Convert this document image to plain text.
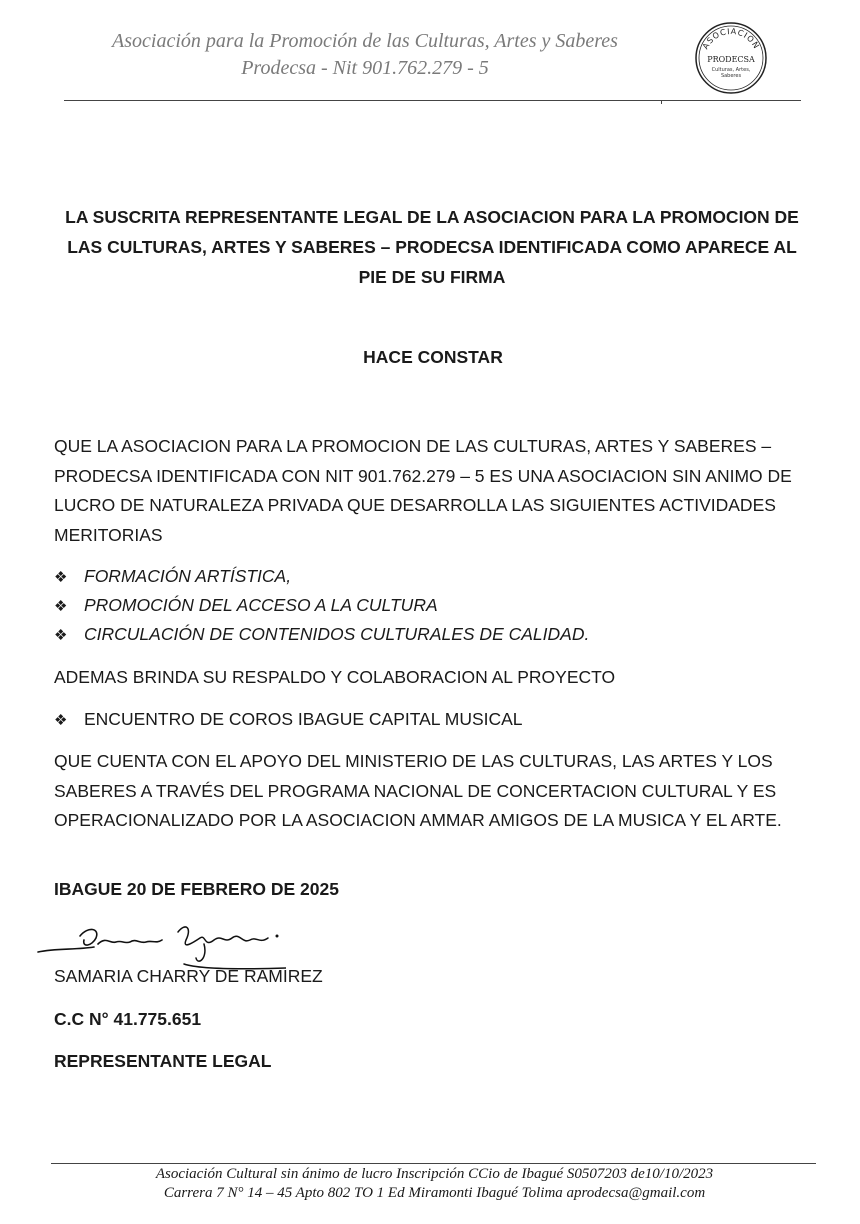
Asociación para la Promoción de las Culturas, Artes y Saberes
Prodecsa - Nit 901.762.279 - 5
ASOCIACION
PRODECSA
Culturas, Artes,
Saberes
LA SUSCRITA REPRESENTANTE LEGAL DE LA ASOCIACION PARA LA PROMOCION DE LAS CULTURAS, ARTES Y SABERES – PRODECSA IDENTIFICADA COMO APARECE AL PIE DE SU FIRMA
HACE CONSTAR
QUE LA ASOCIACION PARA LA PROMOCION DE LAS CULTURAS, ARTES Y SABERES – PRODECSA IDENTIFICADA CON NIT 901.762.279 – 5 ES UNA ASOCIACION SIN ANIMO DE LUCRO DE NATURALEZA PRIVADA QUE DESARROLLA LAS SIGUIENTES ACTIVIDADES MERITORIAS
❖ FORMACIÓN ARTÍSTICA,
❖ PROMOCIÓN DEL ACCESO A LA CULTURA
❖ CIRCULACIÓN DE CONTENIDOS CULTURALES DE CALIDAD.
ADEMAS BRINDA SU RESPALDO Y COLABORACION AL PROYECTO
❖ ENCUENTRO DE COROS IBAGUE CAPITAL MUSICAL
QUE CUENTA CON EL APOYO DEL MINISTERIO DE LAS CULTURAS, LAS ARTES Y LOS SABERES A TRAVÉS DEL PROGRAMA NACIONAL DE CONCERTACION CULTURAL Y ES OPERACIONALIZADO POR LA ASOCIACION AMMAR AMIGOS DE LA MUSICA Y EL ARTE.
IBAGUE 20 DE FEBRERO DE 2025
SAMARIA CHARRY DE RAMIREZ
C.C N° 41.775.651
REPRESENTANTE LEGAL
Asociación Cultural sin ánimo de lucro Inscripción CCio de Ibagué S0507203 de10/10/2023
Carrera 7 N° 14 – 45 Apto 802 TO 1 Ed Miramonti Ibagué Tolima aprodecsa@gmail.com
